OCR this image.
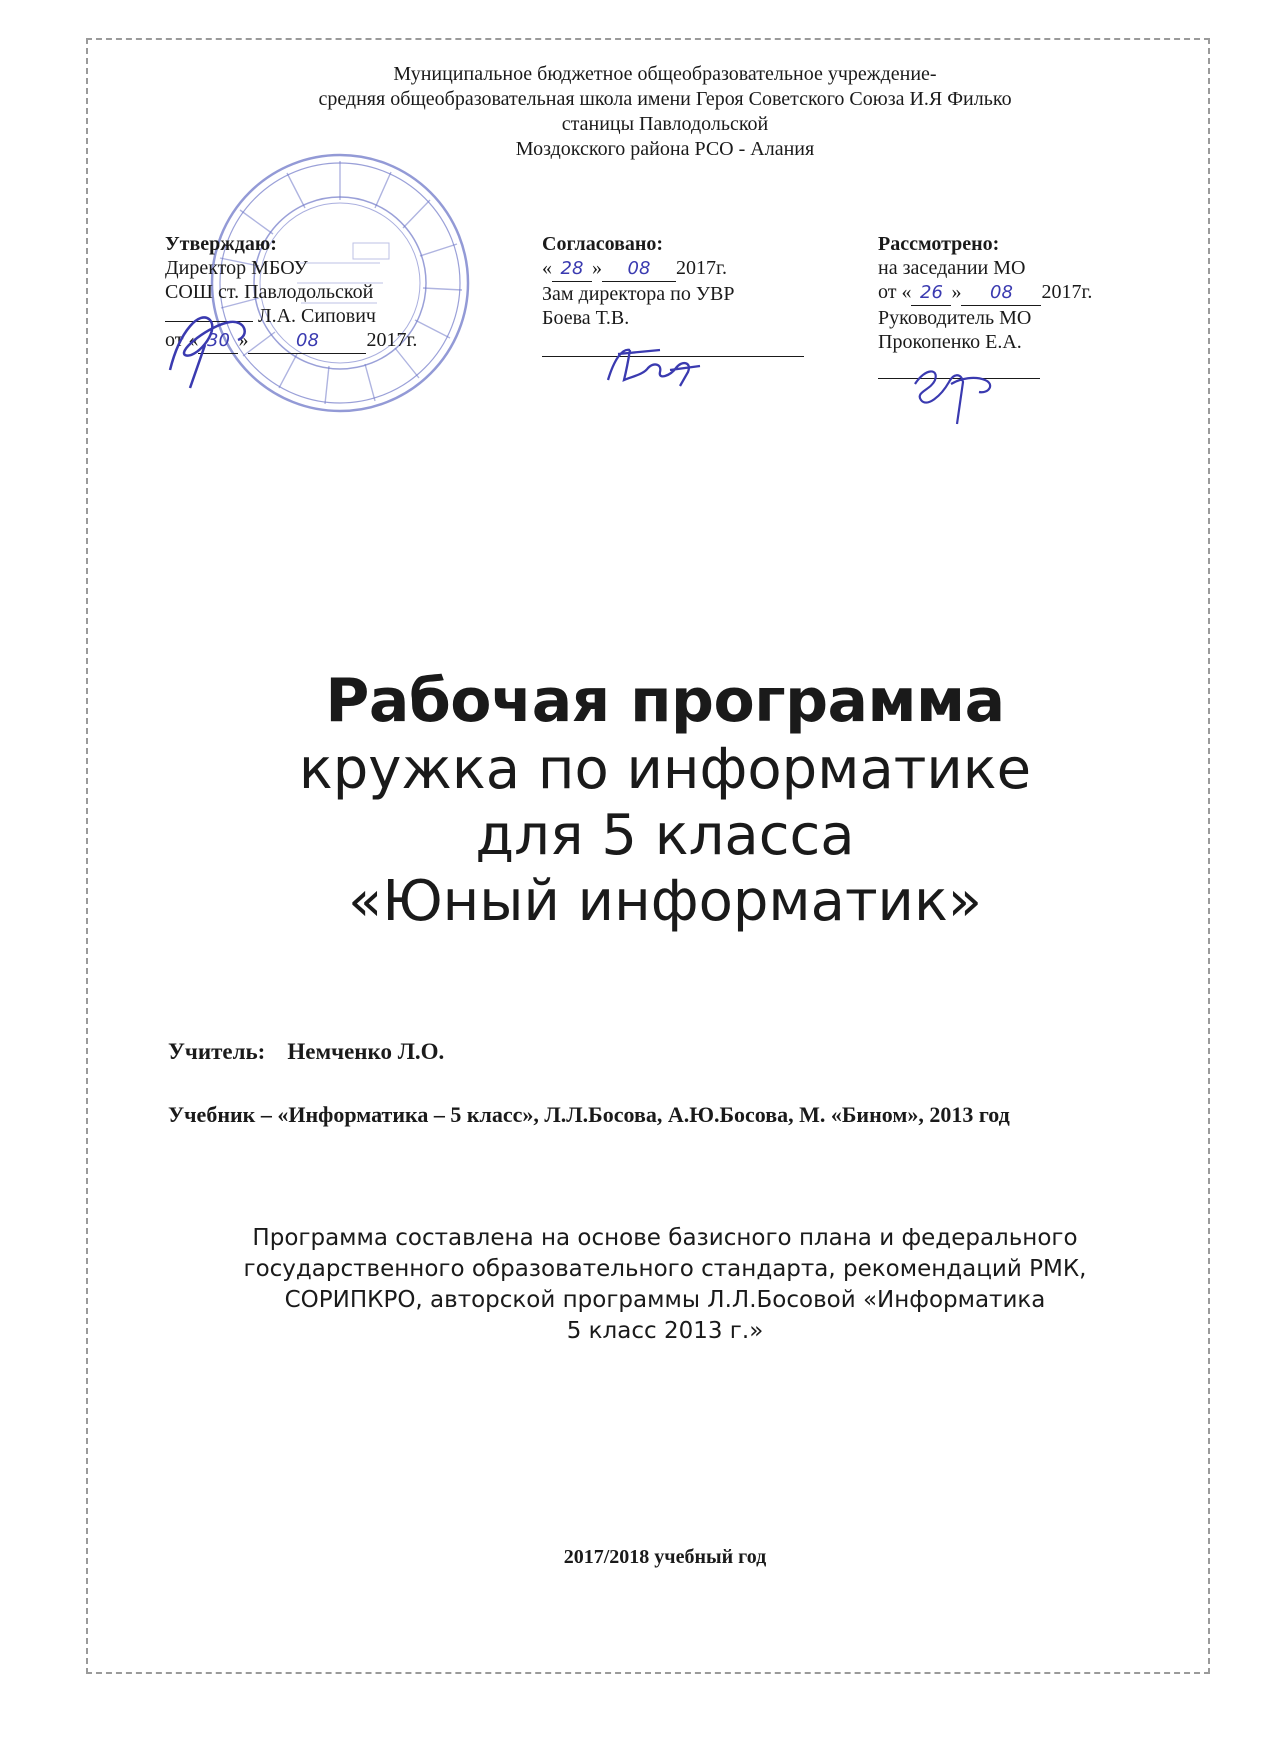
Муниципальное бюджетное общеобразовательное учреждение-
средняя общеобразовательная школа имени Героя Советского Союза И.Я Филько
станицы Павлодольской
Моздокского района РСО - Алания
Утверждаю:
Директор МБОУ
СОШ ст. Павлодольской
Л.А. Сипович
от « 30 »	08 2017г.
Согласовано:
« 28 » 08 2017г.
Зам директора по УВР
Боева Т.В.
Рассмотрено:
на заседании МО
от « 26 » 08 2017г.
Руководитель МО
Прокопенко Е.А.
Рабочая программа
кружка по информатике
для 5 класса
«Юный информатик»
Учитель: Немченко Л.О.
Учебник – «Информатика – 5 класс», Л.Л.Босова, А.Ю.Босова, М. «Бином», 2013 год
Программа составлена на основе базисного плана и федерального
государственного образовательного стандарта, рекомендаций РМК,
СОРИПКРО, авторской программы Л.Л.Босовой «Информатика
5 класс 2013 г.»
2017/2018 учебный год
